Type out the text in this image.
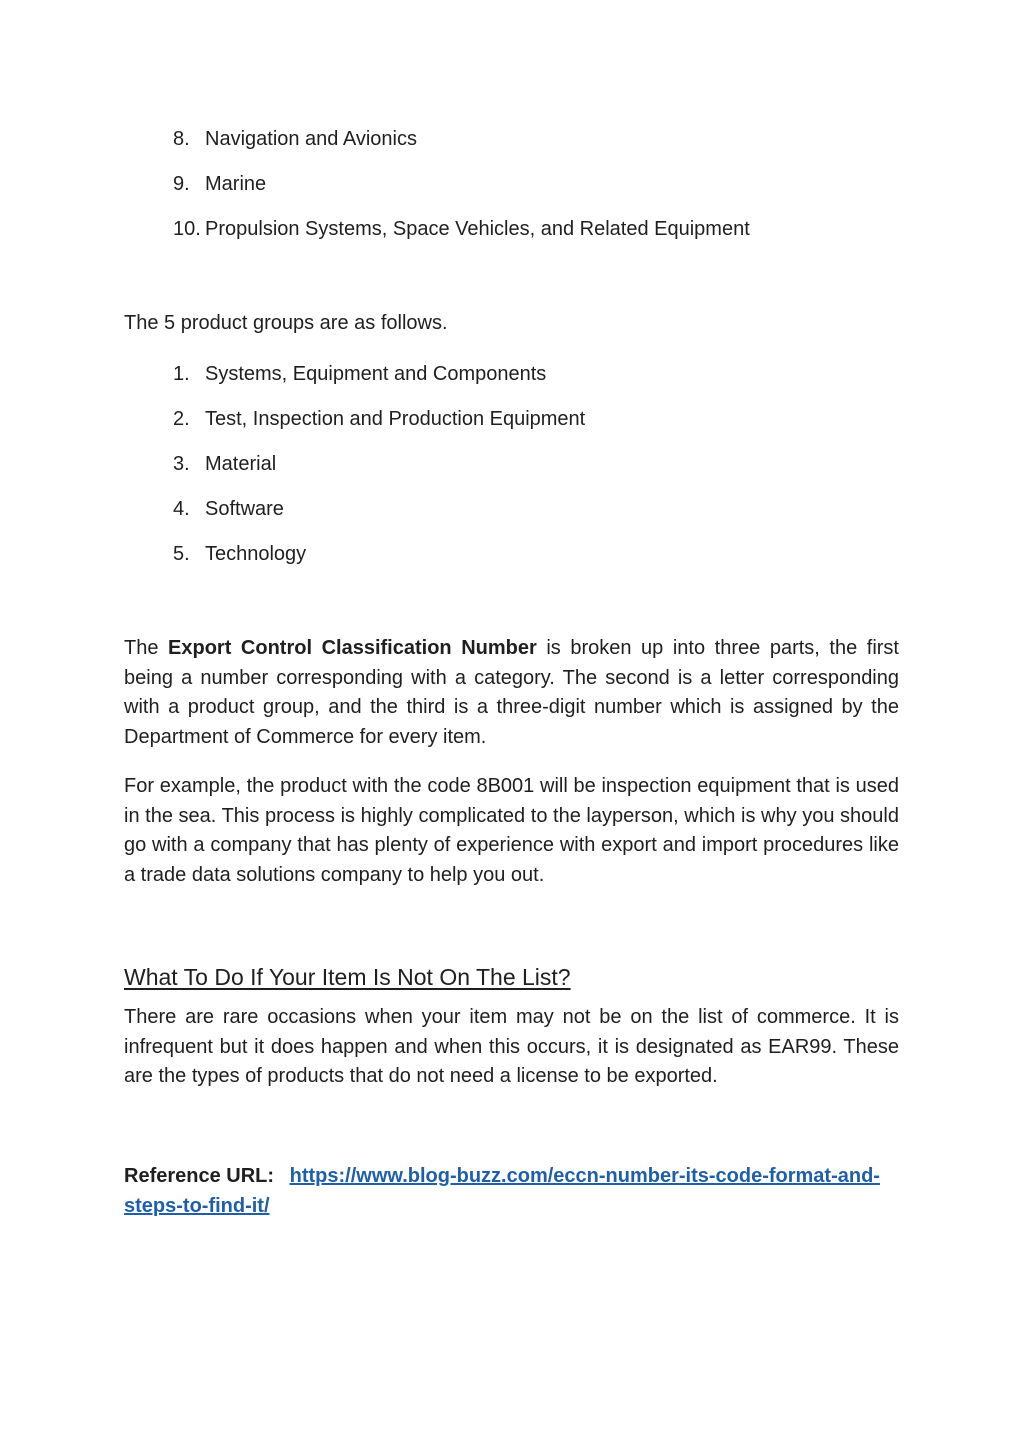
8. Navigation and Avionics
9. Marine
10. Propulsion Systems, Space Vehicles, and Related Equipment

The 5 product groups are as follows.

1. Systems, Equipment and Components
2. Test, Inspection and Production Equipment
3. Material
4. Software
5. Technology

The Export Control Classification Number is broken up into three parts, the first being a number corresponding with a category. The second is a letter corresponding with a product group, and the third is a three-digit number which is assigned by the Department of Commerce for every item.

For example, the product with the code 8B001 will be inspection equipment that is used in the sea. This process is highly complicated to the layperson, which is why you should go with a company that has plenty of experience with export and import procedures like a trade data solutions company to help you out.

What To Do If Your Item Is Not On The List?

There are rare occasions when your item may not be on the list of commerce. It is infrequent but it does happen and when this occurs, it is designated as EAR99. These are the types of products that do not need a license to be exported.

Reference URL: https://www.blog-buzz.com/eccn-number-its-code-format-and-steps-to-find-it/
